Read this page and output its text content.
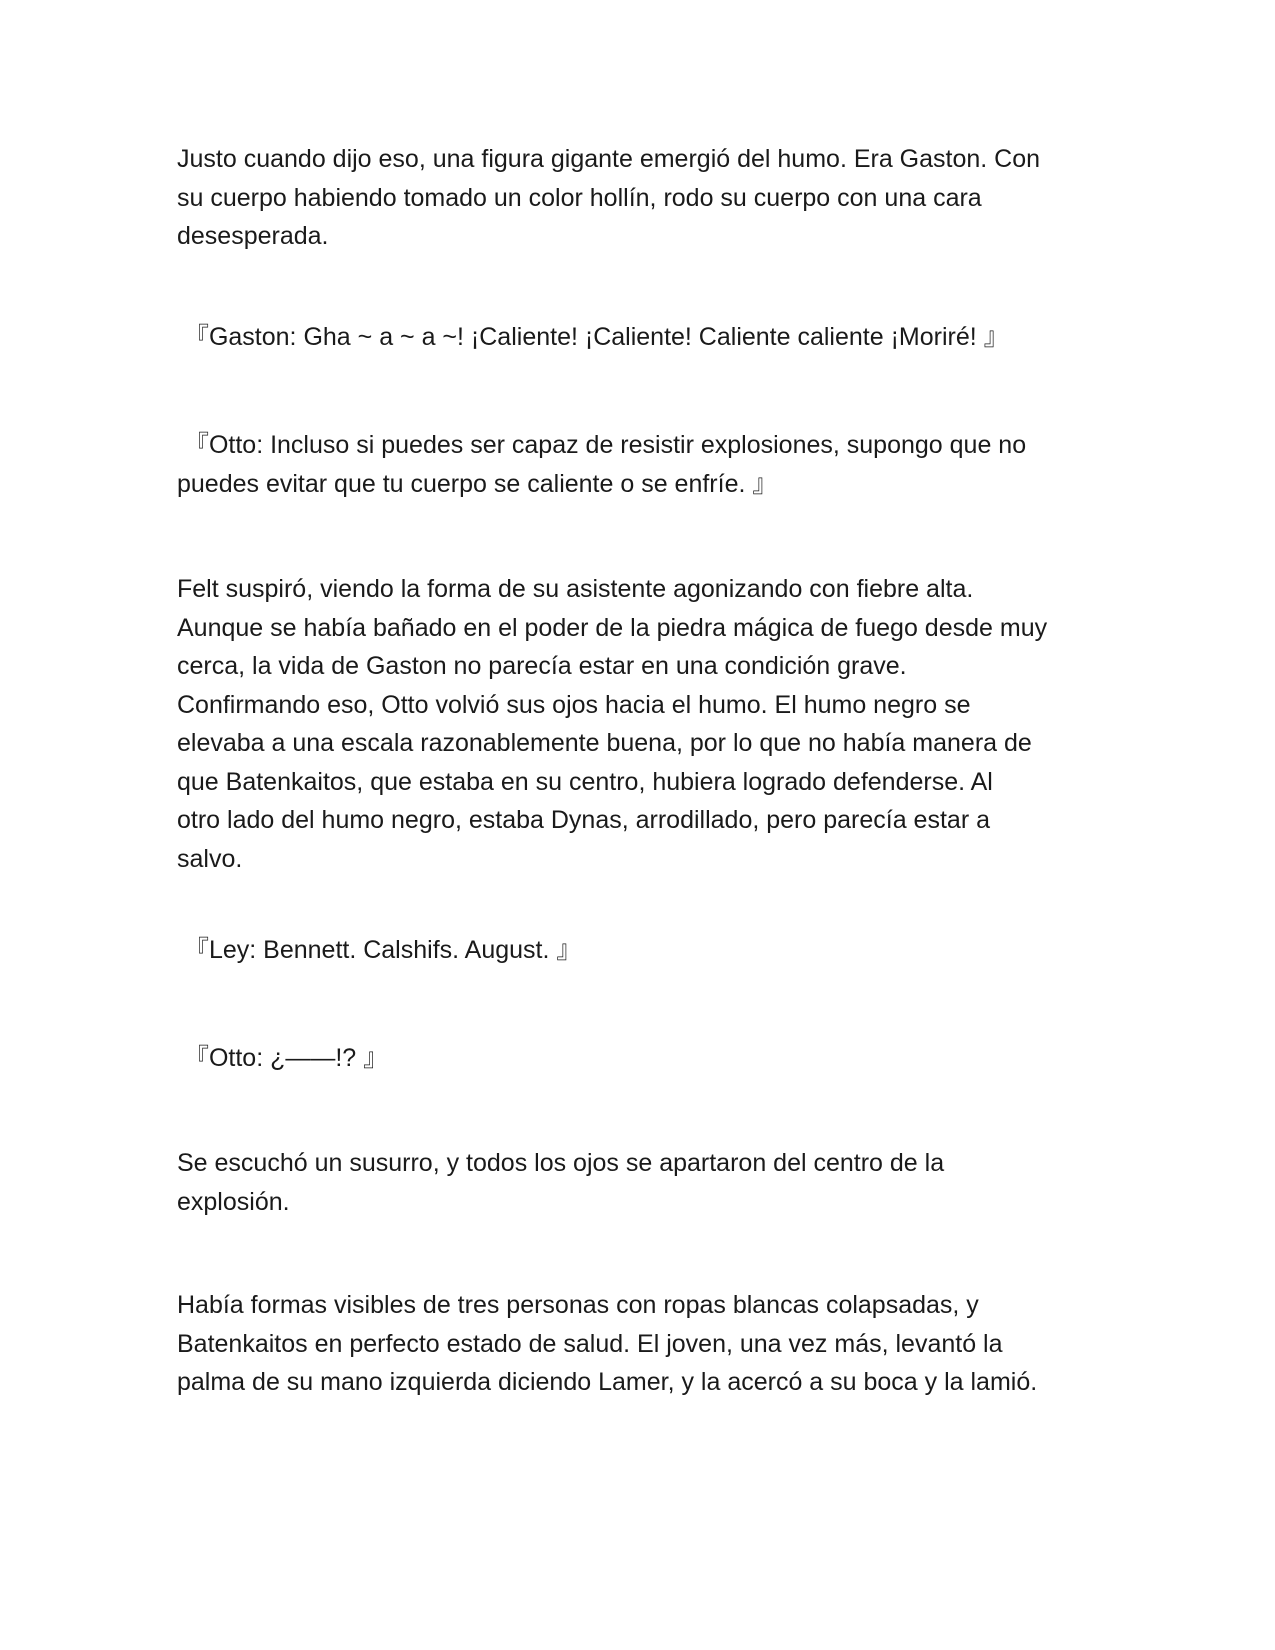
Justo cuando dijo eso, una figura gigante emergió del humo. Era Gaston. Con
su cuerpo habiendo tomado un color hollín, rodo su cuerpo con una cara
desesperada.

『Gaston: Gha ~ a ~ a ~! ¡Caliente! ¡Caliente! Caliente caliente ¡Moriré! 』

『Otto: Incluso si puedes ser capaz de resistir explosiones, supongo que no
puedes evitar que tu cuerpo se caliente o se enfríe. 』

Felt suspiró, viendo la forma de su asistente agonizando con fiebre alta.
Aunque se había bañado en el poder de la piedra mágica de fuego desde muy
cerca, la vida de Gaston no parecía estar en una condición grave.
Confirmando eso, Otto volvió sus ojos hacia el humo. El humo negro se
elevaba a una escala razonablemente buena, por lo que no había manera de
que Batenkaitos, que estaba en su centro, hubiera logrado defenderse. Al
otro lado del humo negro, estaba Dynas, arrodillado, pero parecía estar a
salvo.

『Ley: Bennett. Calshifs. August. 』

『Otto: ¿——!? 』

Se escuchó un susurro, y todos los ojos se apartaron del centro de la
explosión.

Había formas visibles de tres personas con ropas blancas colapsadas, y
Batenkaitos en perfecto estado de salud. El joven, una vez más, levantó la
palma de su mano izquierda diciendo Lamer, y la acercó a su boca y la lamió.
